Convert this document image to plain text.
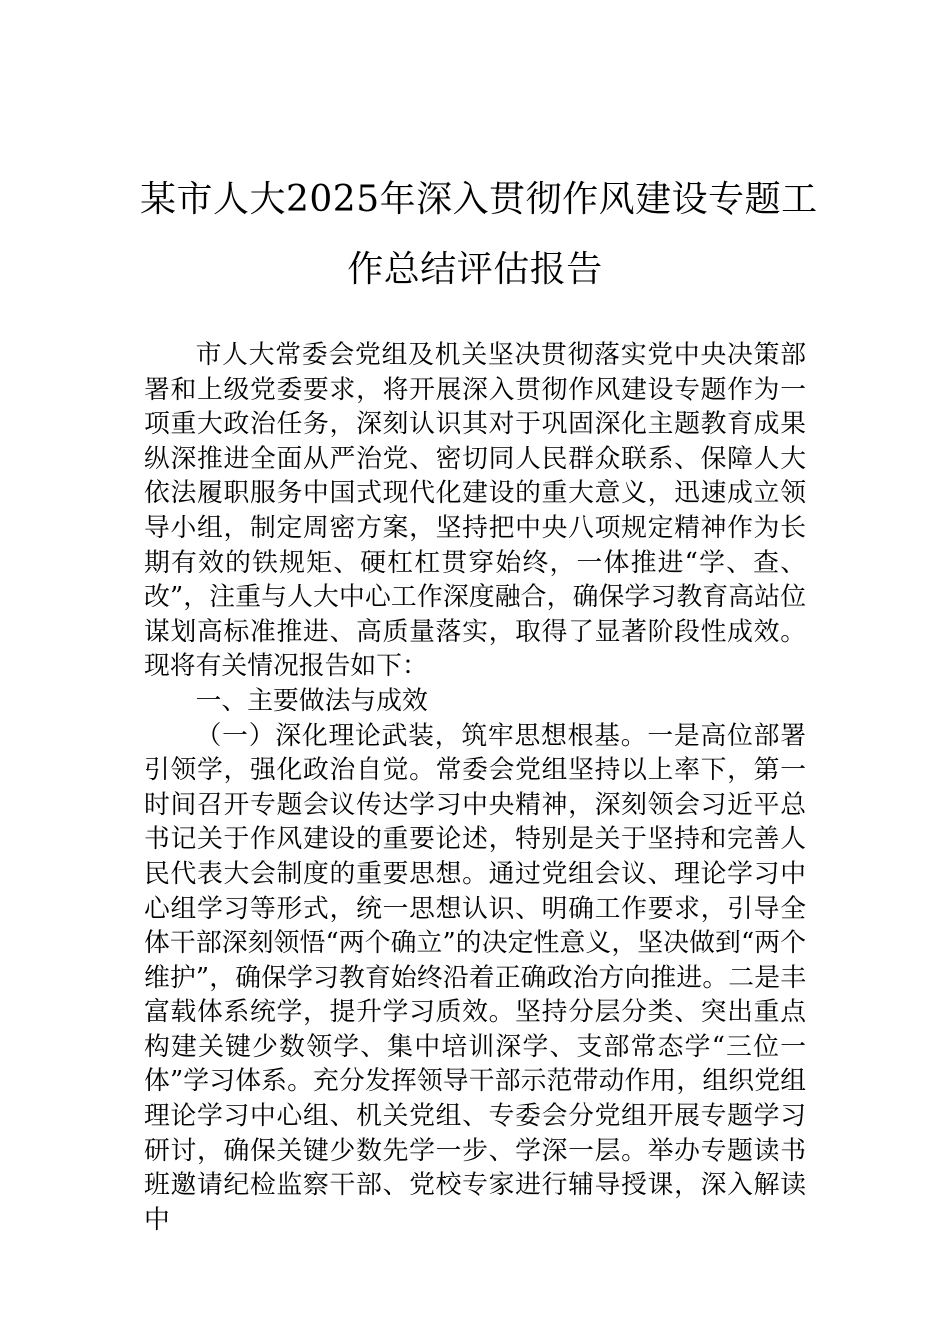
某市人大2025年深入贯彻作风建设专题工
作总结评估报告

市人大常委会党组及机关坚决贯彻落实党中央决策部署和上级党委要求，将开展深入贯彻作风建设专题作为一项重大政治任务，深刻认识其对于巩固深化主题教育成果纵深推进全面从严治党、密切同人民群众联系、保障人大依法履职服务中国式现代化建设的重大意义，迅速成立领导小组，制定周密方案，坚持把中央八项规定精神作为长期有效的铁规矩、硬杠杠贯穿始终，一体推进“学、查、改”，注重与人大中心工作深度融合，确保学习教育高站位谋划高标准推进、高质量落实，取得了显著阶段性成效。现将有关情况报告如下：

一、主要做法与成效

（一）深化理论武装，筑牢思想根基。一是高位部署引领学，强化政治自觉。常委会党组坚持以上率下，第一时间召开专题会议传达学习中央精神，深刻领会习近平总书记关于作风建设的重要论述，特别是关于坚持和完善人民代表大会制度的重要思想。通过党组会议、理论学习中心组学习等形式，统一思想认识、明确工作要求，引导全体干部深刻领悟“两个确立”的决定性意义，坚决做到“两个维护”，确保学习教育始终沿着正确政治方向推进。二是丰富载体系统学，提升学习质效。坚持分层分类、突出重点构建关键少数领学、集中培训深学、支部常态学“三位一体”学习体系。充分发挥领导干部示范带动作用，组织党组理论学习中心组、机关党组、专委会分党组开展专题学习研讨，确保关键少数先学一步、学深一层。举办专题读书班邀请纪检监察干部、党校专家进行辅导授课，深入解读中
